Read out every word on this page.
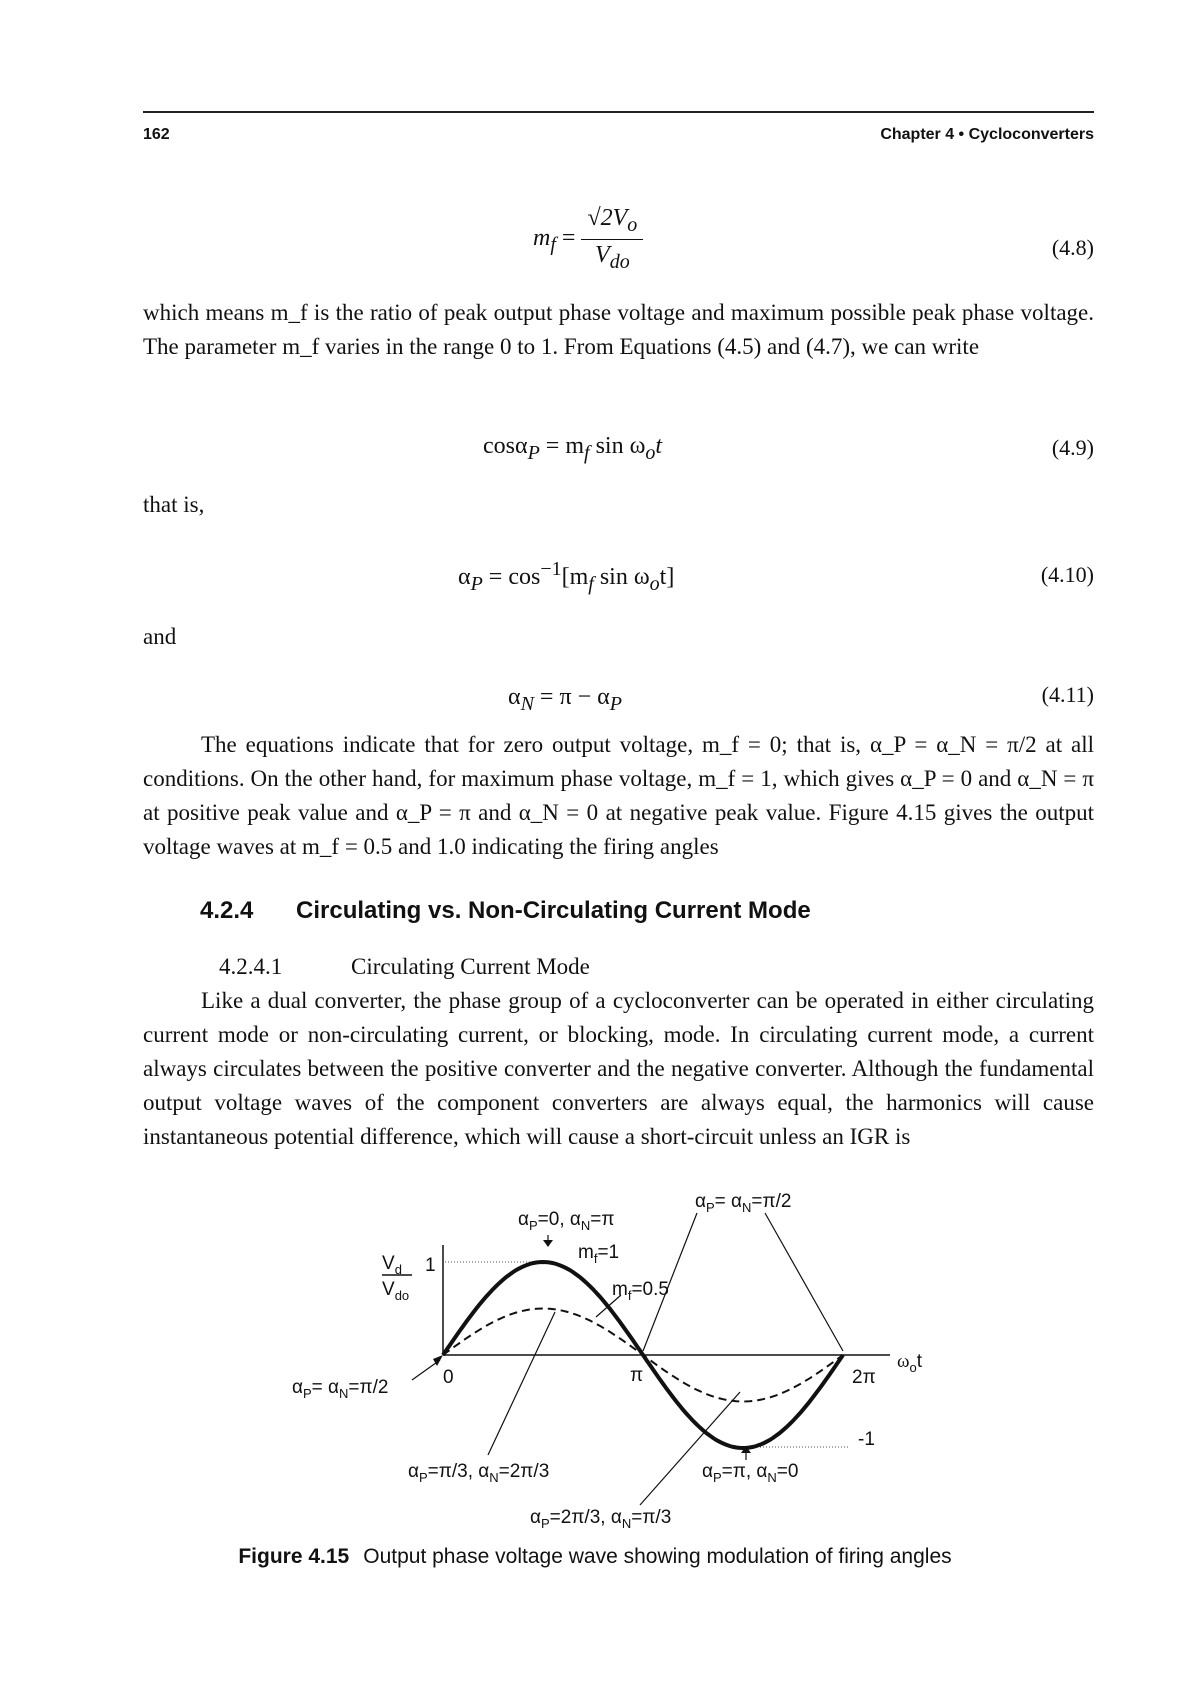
162	Chapter 4 • Cycloconverters
$m_f = \frac{√2V_o}{V_{do}}$	(4.8)

which means m_f is the ratio of peak output phase voltage and maximum possible peak phase voltage. The parameter m_f varies in the range 0 to 1. From Equations (4.5) and (4.7), we can write

$\cos\alpha_P = m_f$ $\sin \omega_ot$	(4.9)
that is,
$\alpha_P = \cos^{-1}[m_f$ $\sin \omega_ot$]	(4.10)
and
$\alpha_N = \pi - \alpha_P$	(4.11)

The equations indicate that for zero output voltage, m_f = 0; that is, α_P = α_N = π/2 at all conditions. On the other hand, for maximum phase voltage, m_f = 1, which gives α_P = 0 and α_N = π at positive peak value and α_P = π and α_N = 0 at negative peak value. Figure 4.15 gives the output voltage waves at m_f = 0.5 and 1.0 indicating the firing angles

4.2.4 Circulating vs. Non-Circulating Current Mode
4.2.4.1	Circulating Current Mode

Like a dual converter, the phase group of a cycloconverter can be operated in either circulating current mode or non-circulating current, or blocking, mode. In circulating current mode, a current always circulates between the positive converter and the negative converter. Although the fundamental output voltage waves of the component converters are always equal, the harmonics will cause instantaneous potential difference, which will cause a short-circuit unless an IGR is

$V_d$
$V_{do}$
1
-1
0	π	2π
$\omega_ot$
$m_f=1$
$m_f=0.5$
$\alpha_P=0$, $\alpha_N=\pi$
$\alpha_P= \alpha_N=\pi/2$
$\alpha_P= \alpha_N=\pi/2$
$\alpha_P=\pi/3$, $\alpha_N=2\pi/3$	$\alpha_P=\pi$, $\alpha_N=0$
$\alpha_P=2\pi/3$, $\alpha_N=\pi/3$
Figure 4.15 Output phase voltage wave showing modulation of firing angles
